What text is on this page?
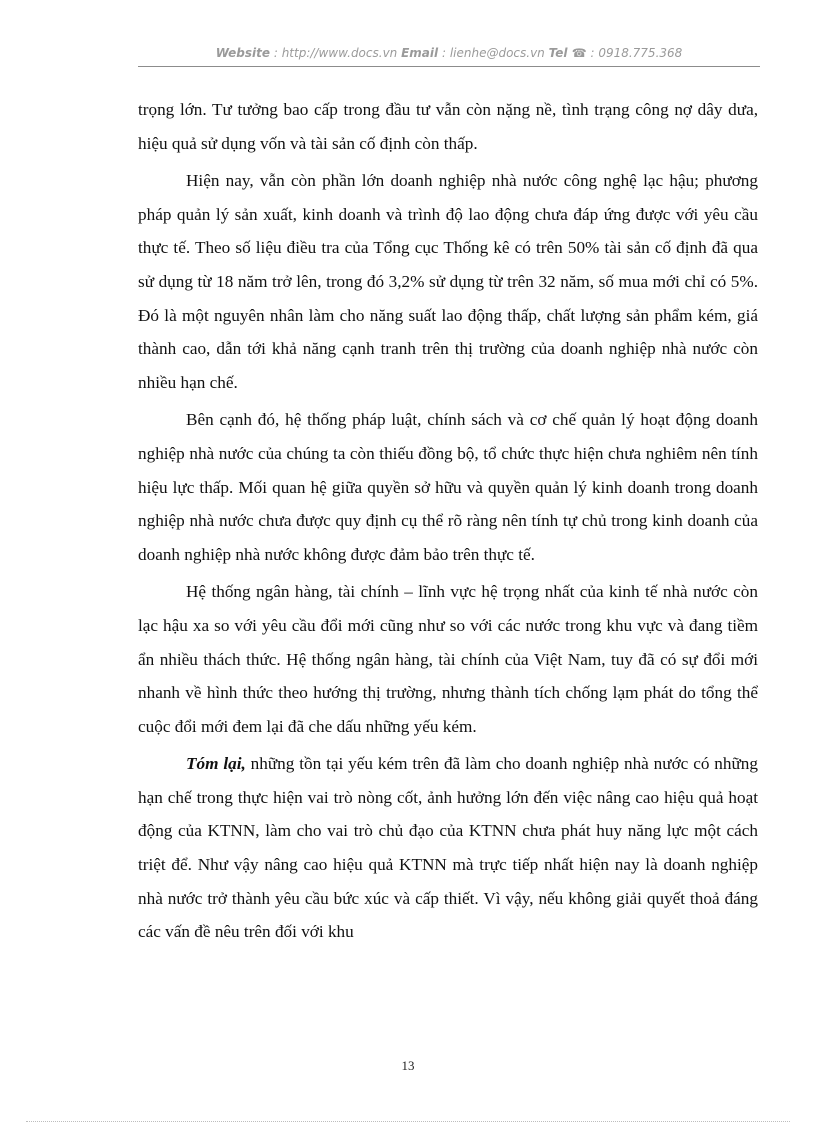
Website : http://www.docs.vn Email : lienhe@docs.vn Tel ☎ : 0918.775.368

trọng lớn. Tư tưởng bao cấp trong đầu tư vẫn còn nặng nề, tình trạng công nợ dây dưa, hiệu quả sử dụng vốn và tài sản cố định còn thấp.

Hiện nay, vẫn còn phần lớn doanh nghiệp nhà nước công nghệ lạc hậu; phương pháp quản lý sản xuất, kinh doanh và trình độ lao động chưa đáp ứng được với yêu cầu thực tế. Theo số liệu điều tra của Tổng cục Thống kê có trên 50% tài sản cố định đã qua sử dụng từ 18 năm trở lên, trong đó 3,2% sử dụng từ trên 32 năm, số mua mới chỉ có 5%. Đó là một nguyên nhân làm cho năng suất lao động thấp, chất lượng sản phẩm kém, giá thành cao, dẫn tới khả năng cạnh tranh trên thị trường của doanh nghiệp nhà nước còn nhiều hạn chế.

Bên cạnh đó, hệ thống pháp luật, chính sách và cơ chế quản lý hoạt động doanh nghiệp nhà nước của chúng ta còn thiếu đồng bộ, tổ chức thực hiện chưa nghiêm nên tính hiệu lực thấp. Mối quan hệ giữa quyền sở hữu và quyền quản lý kinh doanh trong doanh nghiệp nhà nước chưa được quy định cụ thể rõ ràng nên tính tự chủ trong kinh doanh của doanh nghiệp nhà nước không được đảm bảo trên thực tế.

Hệ thống ngân hàng, tài chính – lĩnh vực hệ trọng nhất của kinh tế nhà nước còn lạc hậu xa so với yêu cầu đổi mới cũng như so với các nước trong khu vực và đang tiềm ẩn nhiều thách thức. Hệ thống ngân hàng, tài chính của Việt Nam, tuy đã có sự đổi mới nhanh về hình thức theo hướng thị trường, nhưng thành tích chống lạm phát do tổng thể cuộc đổi mới đem lại đã che dấu những yếu kém.

Tóm lại, những tồn tại yếu kém trên đã làm cho doanh nghiệp nhà nước có những hạn chế trong thực hiện vai trò nòng cốt, ảnh hưởng lớn đến việc nâng cao hiệu quả hoạt động của KTNN, làm cho vai trò chủ đạo của KTNN chưa phát huy năng lực một cách triệt để. Như vậy nâng cao hiệu quả KTNN mà trực tiếp nhất hiện nay là doanh nghiệp nhà nước trở thành yêu cầu bức xúc và cấp thiết. Vì vậy, nếu không giải quyết thoả đáng các vấn đề nêu trên đối với khu

13
